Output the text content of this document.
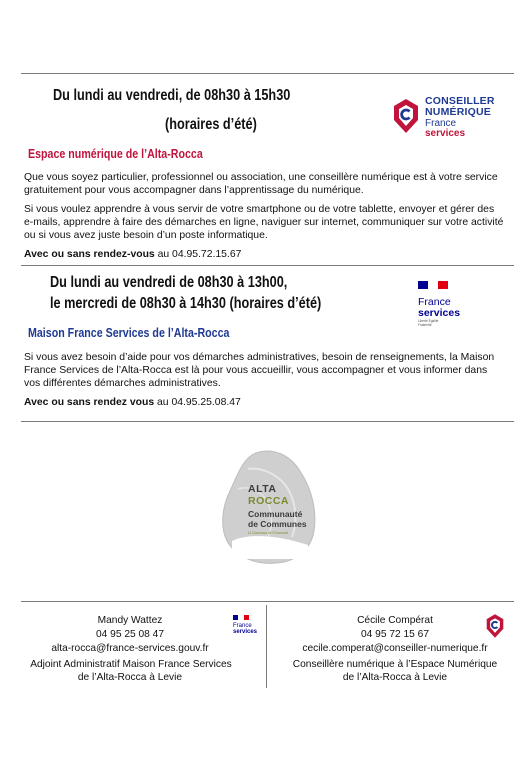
Du lundi au vendredi, de 08h30 à 15h30
(horaires d’été)
Espace numérique de l’Alta-Rocca
CONSEILLER
NUMÉRIQUE
France
services

Que vous soyez particulier, professionnel ou association, une conseillère numérique est à votre service gratuitement pour vous accompagner dans l’apprentissage du numérique.

Si vous voulez apprendre à vous servir de votre smartphone ou de votre tablette, envoyer et gérer des e-mails, apprendre à faire des démarches en ligne, naviguer sur internet, communiquer sur votre activité ou si vous avez juste besoin d’un poste informatique.

Avec ou sans rendez-vous au 04.95.72.15.67

Du lundi au vendredi de 08h30 à 13h00,
le mercredi de 08h30 à 14h30 (horaires d’été)
Maison France Services de l’Alta-Rocca
France
services
Liberté Égalité Fraternité

Si vous avez besoin d’aide pour vos démarches administratives, besoin de renseignements, la Maison France Services de l’Alta-Rocca est là pour vous accueillir, vous accompagner et vous informer dans vos différentes démarches administratives.

Avec ou sans rendez vous au 04.95.25.08.47

ALTA
ROCCA
Communauté
de Communes
U Cumunu di l'Cumuni
Mandy Wattez
04 95 25 08 47
alta-rocca@france-services.gouv.fr
Adjoint Administratif Maison France Services
de l’Alta-Rocca à Levie
France
services
Cécile Compérat
04 95 72 15 67
cecile.comperat@conseiller-numerique.fr
Conseillère numérique à l’Espace Numérique
de l’Alta-Rocca à Levie
